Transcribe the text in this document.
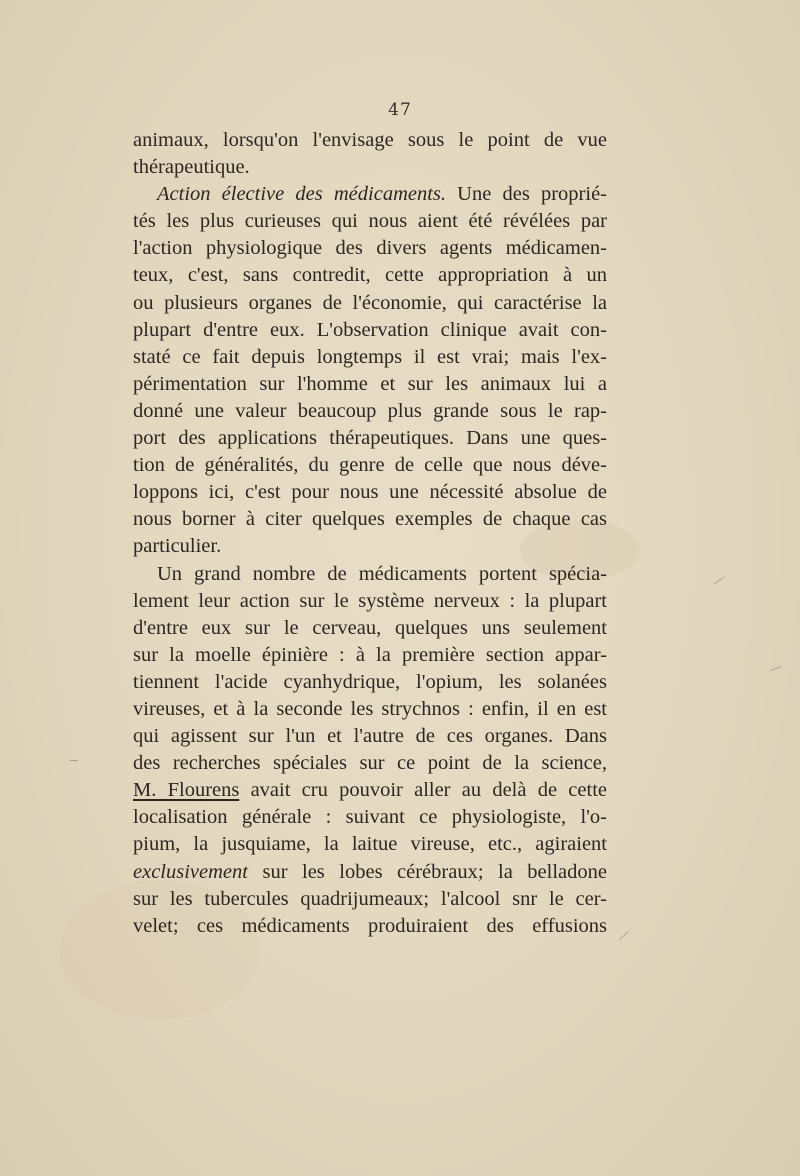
47
animaux, lorsqu'on l'envisage sous le point de vue
thérapeutique.
Action élective des médicaments. Une des proprié-
tés les plus curieuses qui nous aient été révélées par
l'action physiologique des divers agents médicamen-
teux, c'est, sans contredit, cette appropriation à un
ou plusieurs organes de l'économie, qui caractérise la
plupart d'entre eux. L'observation clinique avait con-
staté ce fait depuis longtemps il est vrai; mais l'ex-
périmentation sur l'homme et sur les animaux lui a
donné une valeur beaucoup plus grande sous le rap-
port des applications thérapeutiques. Dans une ques-
tion de généralités, du genre de celle que nous déve-
loppons ici, c'est pour nous une nécessité absolue de
nous borner à citer quelques exemples de chaque cas
particulier.
Un grand nombre de médicaments portent spécia-
lement leur action sur le système nerveux : la plupart
d'entre eux sur le cerveau, quelques uns seulement
sur la moelle épinière : à la première section appar-
tiennent l'acide cyanhydrique, l'opium, les solanées
vireuses, et à la seconde les strychnos : enfin, il en est
qui agissent sur l'un et l'autre de ces organes. Dans
des recherches spéciales sur ce point de la science,
M. Flourens avait cru pouvoir aller au delà de cette
localisation générale : suivant ce physiologiste, l'o-
pium, la jusquiame, la laitue vireuse, etc., agiraient
exclusivement sur les lobes cérébraux; la belladone
sur les tubercules quadrijumeaux; l'alcool snr le cer-
velet; ces médicaments produiraient des effusions
